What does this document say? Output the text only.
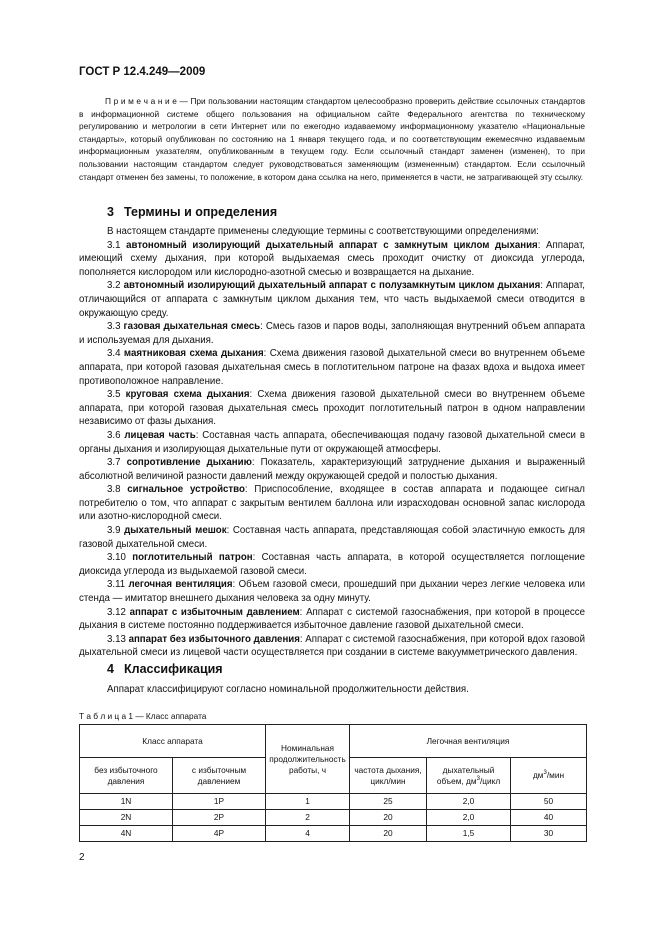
ГОСТ Р 12.4.249—2009

П р и м е ч а н и е — При пользовании настоящим стандартом целесообразно проверить действие ссылочных стандартов в информационной системе общего пользования на официальном сайте Федерального агентства по техническому регулированию и метрологии в сети Интернет или по ежегодно издаваемому информационному указателю «Национальные стандарты», который опубликован по состоянию на 1 января текущего года, и по соответствующим ежемесячно издаваемым информационным указателям, опубликованным в текущем году. Если ссылочный стандарт заменен (изменен), то при пользовании настоящим стандартом следует руководствоваться заменяющим (измененным) стандартом. Если ссылочный стандарт отменен без замены, то положение, в котором дана ссылка на него, применяется в части, не затрагивающей эту ссылку.

3 Термины и определения

В настоящем стандарте применены следующие термины с соответствующими определениями:

3.1 автономный изолирующий дыхательный аппарат с замкнутым циклом дыхания: Аппарат, имеющий схему дыхания, при которой выдыхаемая смесь проходит очистку от диоксида углерода, пополняется кислородом или кислородно-азотной смесью и возвращается на дыхание.

3.2 автономный изолирующий дыхательный аппарат с полузамкнутым циклом дыхания: Аппарат, отличающийся от аппарата с замкнутым циклом дыхания тем, что часть выдыхаемой смеси отводится в окружающую среду.

3.3 газовая дыхательная смесь: Смесь газов и паров воды, заполняющая внутренний объем аппарата и используемая для дыхания.

3.4 маятниковая схема дыхания: Схема движения газовой дыхательной смеси во внутреннем объеме аппарата, при которой газовая дыхательная смесь в поглотительном патроне на фазах вдоха и выдоха имеет противоположное направление.

3.5 круговая схема дыхания: Схема движения газовой дыхательной смеси во внутреннем объеме аппарата, при которой газовая дыхательная смесь проходит поглотительный патрон в одном направлении независимо от фазы дыхания.

3.6 лицевая часть: Составная часть аппарата, обеспечивающая подачу газовой дыхательной смеси в органы дыхания и изолирующая дыхательные пути от окружающей атмосферы.

3.7 сопротивление дыханию: Показатель, характеризующий затруднение дыхания и выраженный абсолютной величиной разности давлений между окружающей средой и полостью дыхания.

3.8 сигнальное устройство: Приспособление, входящее в состав аппарата и подающее сигнал потребителю о том, что аппарат с закрытым вентилем баллона или израсходован основной запас кислорода или азотно-кислородной смеси.

3.9 дыхательный мешок: Составная часть аппарата, представляющая собой эластичную емкость для газовой дыхательной смеси.

3.10 поглотительный патрон: Составная часть аппарата, в которой осуществляется поглощение диоксида углерода из выдыхаемой газовой смеси.

3.11 легочная вентиляция: Объем газовой смеси, прошедший при дыхании через легкие человека или стенда — имитатор внешнего дыхания человека за одну минуту.

3.12 аппарат с избыточным давлением: Аппарат с системой газоснабжения, при которой в процессе дыхания в системе постоянно поддерживается избыточное давление газовой дыхательной смеси.

3.13 аппарат без избыточного давления: Аппарат с системой газоснабжения, при которой вдох газовой дыхательной смеси из лицевой части осуществляется при создании в системе вакуумметрического давления.

4 Классификация

Аппарат классифицируют согласно номинальной продолжительности действия.

Т а б л и ц а 1 — Класс аппарата
Класс аппарата		Номинальная продолжительность работы, ч	Легочная вентиляция		
без избыточного давления	с избыточным давлением		частота дыхания, цикл/мин	дыхательный объем, $дм^3$/цикл	$дм^3$/мин
1N	1P	1	25	2,0	50
2N	2P	2	20	2,0	40
4N	4P	4	20	1,5	30
2
